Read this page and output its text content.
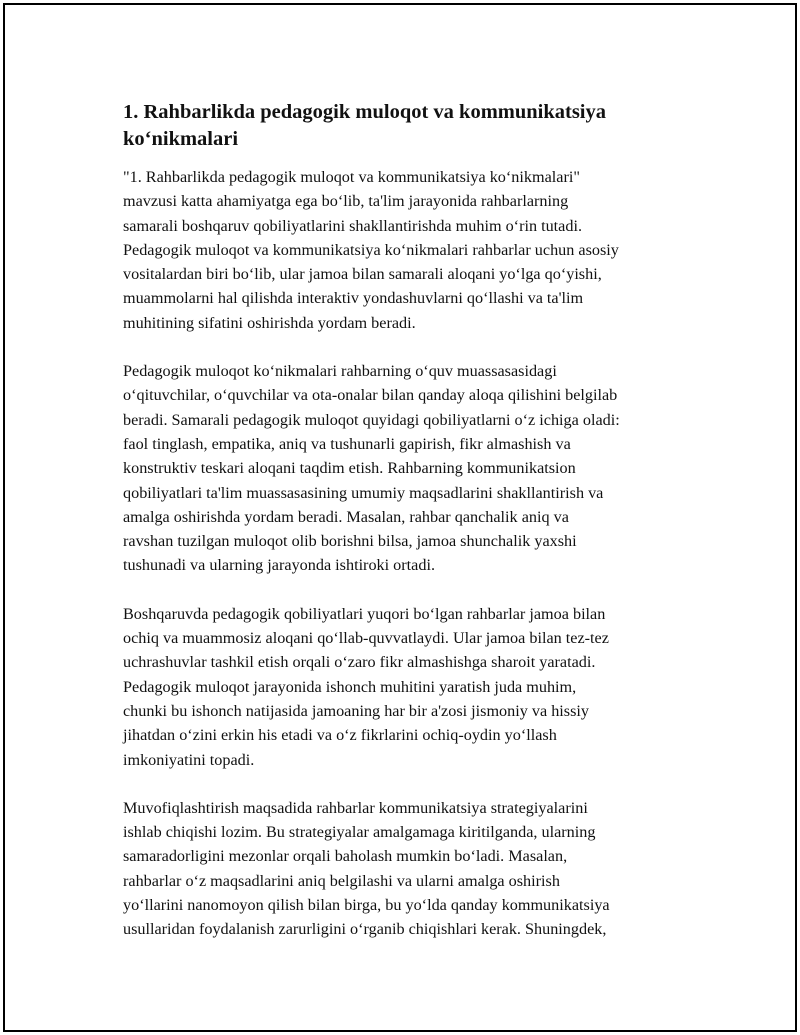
1. Rahbarlikda pedagogik muloqot va kommunikatsiya
ko‘nikmalari

"1. Rahbarlikda pedagogik muloqot va kommunikatsiya ko‘nikmalari"
mavzusi katta ahamiyatga ega bo‘lib, ta'lim jarayonida rahbarlarning
samarali boshqaruv qobiliyatlarini shakllantirishda muhim o‘rin tutadi.
Pedagogik muloqot va kommunikatsiya ko‘nikmalari rahbarlar uchun asosiy
vositalardan biri bo‘lib, ular jamoa bilan samarali aloqani yo‘lga qo‘yishi,
muammolarni hal qilishda interaktiv yondashuvlarni qo‘llashi va ta'lim
muhitining sifatini oshirishda yordam beradi.

Pedagogik muloqot ko‘nikmalari rahbarning o‘quv muassasasidagi
o‘qituvchilar, o‘quvchilar va ota-onalar bilan qanday aloqa qilishini belgilab
beradi. Samarali pedagogik muloqot quyidagi qobiliyatlarni o‘z ichiga oladi:
faol tinglash, empatika, aniq va tushunarli gapirish, fikr almashish va
konstruktiv teskari aloqani taqdim etish. Rahbarning kommunikatsion
qobiliyatlari ta'lim muassasasining umumiy maqsadlarini shakllantirish va
amalga oshirishda yordam beradi. Masalan, rahbar qanchalik aniq va
ravshan tuzilgan muloqot olib borishni bilsa, jamoa shunchalik yaxshi
tushunadi va ularning jarayonda ishtiroki ortadi.

Boshqaruvda pedagogik qobiliyatlari yuqori bo‘lgan rahbarlar jamoa bilan
ochiq va muammosiz aloqani qo‘llab-quvvatlaydi. Ular jamoa bilan tez-tez
uchrashuvlar tashkil etish orqali o‘zaro fikr almashishga sharoit yaratadi.
Pedagogik muloqot jarayonida ishonch muhitini yaratish juda muhim,
chunki bu ishonch natijasida jamoaning har bir a'zosi jismoniy va hissiy
jihatdan o‘zini erkin his etadi va o‘z fikrlarini ochiq-oydin yo‘llash
imkoniyatini topadi.

Muvofiqlashtirish maqsadida rahbarlar kommunikatsiya strategiyalarini
ishlab chiqishi lozim. Bu strategiyalar amalgamaga kiritilganda, ularning
samaradorligini mezonlar orqali baholash mumkin bo‘ladi. Masalan,
rahbarlar o‘z maqsadlarini aniq belgilashi va ularni amalga oshirish
yo‘llarini nanomoyon qilish bilan birga, bu yo‘lda qanday kommunikatsiya
usullaridan foydalanish zarurligini o‘rganib chiqishlari kerak. Shuningdek,
